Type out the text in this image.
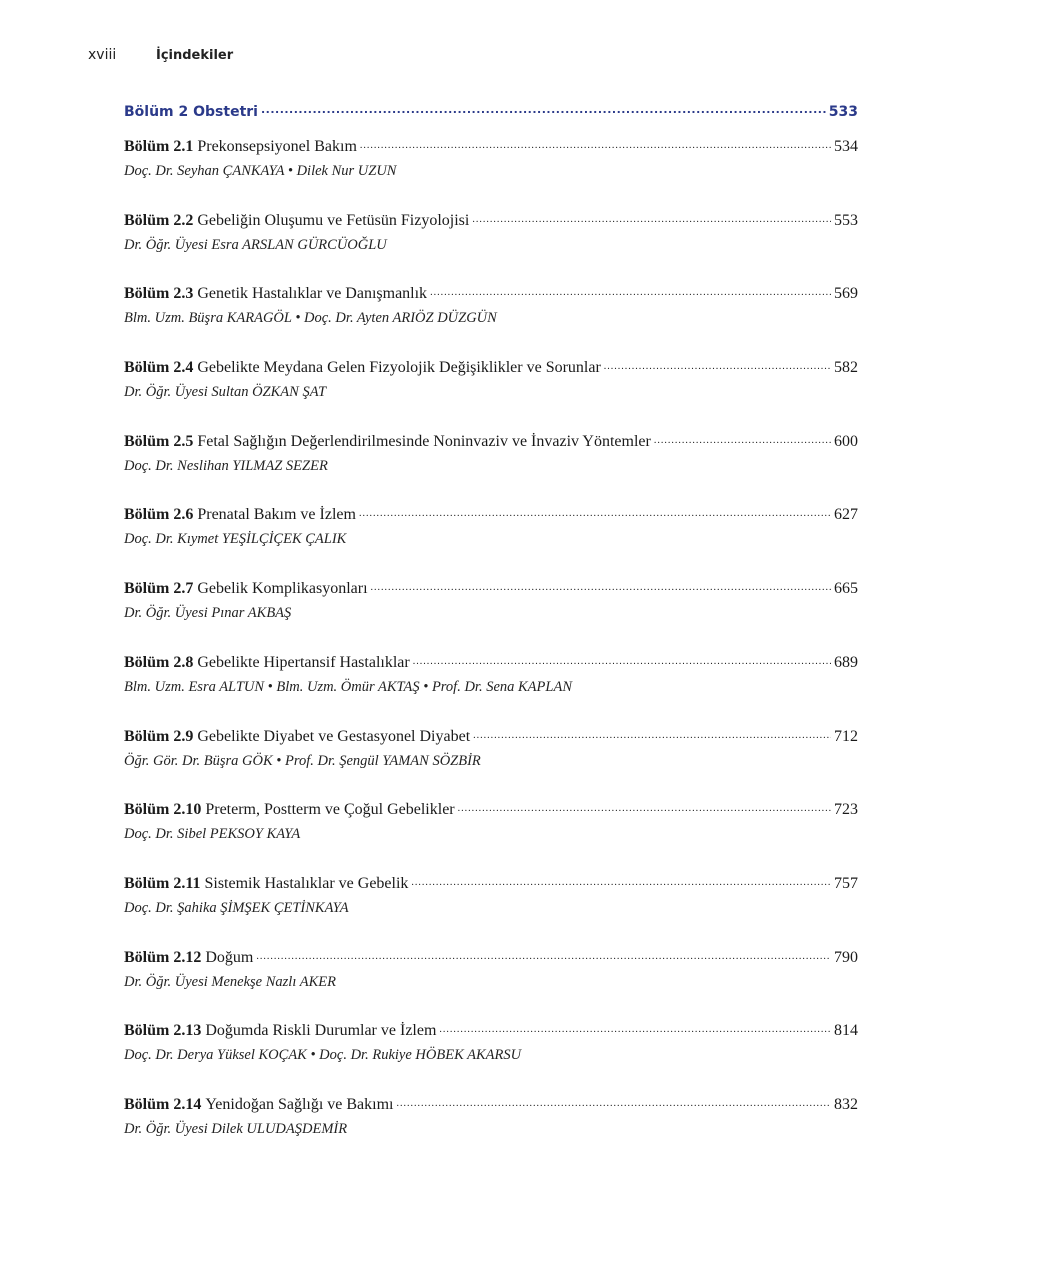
xviii	İçindekiler
Bölüm 2 Obstetri .....	533
Bölüm 2.1 Prekonsepsiyonel Bakım .....	534
Doç. Dr. Seyhan ÇANKAYA • Dilek Nur UZUN
Bölüm 2.2 Gebeliğin Oluşumu ve Fetüsün Fizyolojisi .....	553
Dr. Öğr. Üyesi Esra ARSLAN GÜRCÜOĞLU
Bölüm 2.3 Genetik Hastalıklar ve Danışmanlık .....	569
Blm. Uzm. Büşra KARAGÖL • Doç. Dr. Ayten ARIÖZ DÜZGÜN
Bölüm 2.4 Gebelikte Meydana Gelen Fizyolojik Değişiklikler ve Sorunlar .....	582
Dr. Öğr. Üyesi Sultan ÖZKAN ŞAT
Bölüm 2.5 Fetal Sağlığın Değerlendirilmesinde Noninvaziv ve İnvaziv Yöntemler .....	600
Doç. Dr. Neslihan YILMAZ SEZER
Bölüm 2.6 Prenatal Bakım ve İzlem .....	627
Doç. Dr. Kıymet YEŞİLÇİÇEK ÇALIK
Bölüm 2.7 Gebelik Komplikasyonları .....	665
Dr. Öğr. Üyesi Pınar AKBAŞ
Bölüm 2.8 Gebelikte Hipertansif Hastalıklar .....	689
Blm. Uzm. Esra ALTUN • Blm. Uzm. Ömür AKTAŞ • Prof. Dr. Sena KAPLAN
Bölüm 2.9 Gebelikte Diyabet ve Gestasyonel Diyabet .....	712
Öğr. Gör. Dr. Büşra GÖK • Prof. Dr. Şengül YAMAN SÖZBİR
Bölüm 2.10 Preterm, Postterm ve Çoğul Gebelikler .....	723
Doç. Dr. Sibel PEKSOY KAYA
Bölüm 2.11 Sistemik Hastalıklar ve Gebelik .....	757
Doç. Dr. Şahika ŞİMŞEK ÇETİNKAYA
Bölüm 2.12 Doğum .....	790
Dr. Öğr. Üyesi Menekşe Nazlı AKER
Bölüm 2.13 Doğumda Riskli Durumlar ve İzlem .....	814
Doç. Dr. Derya Yüksel KOÇAK • Doç. Dr. Rukiye HÖBEK AKARSU
Bölüm 2.14 Yenidoğan Sağlığı ve Bakımı .....	832
Dr. Öğr. Üyesi Dilek ULUDAŞDEMİR
